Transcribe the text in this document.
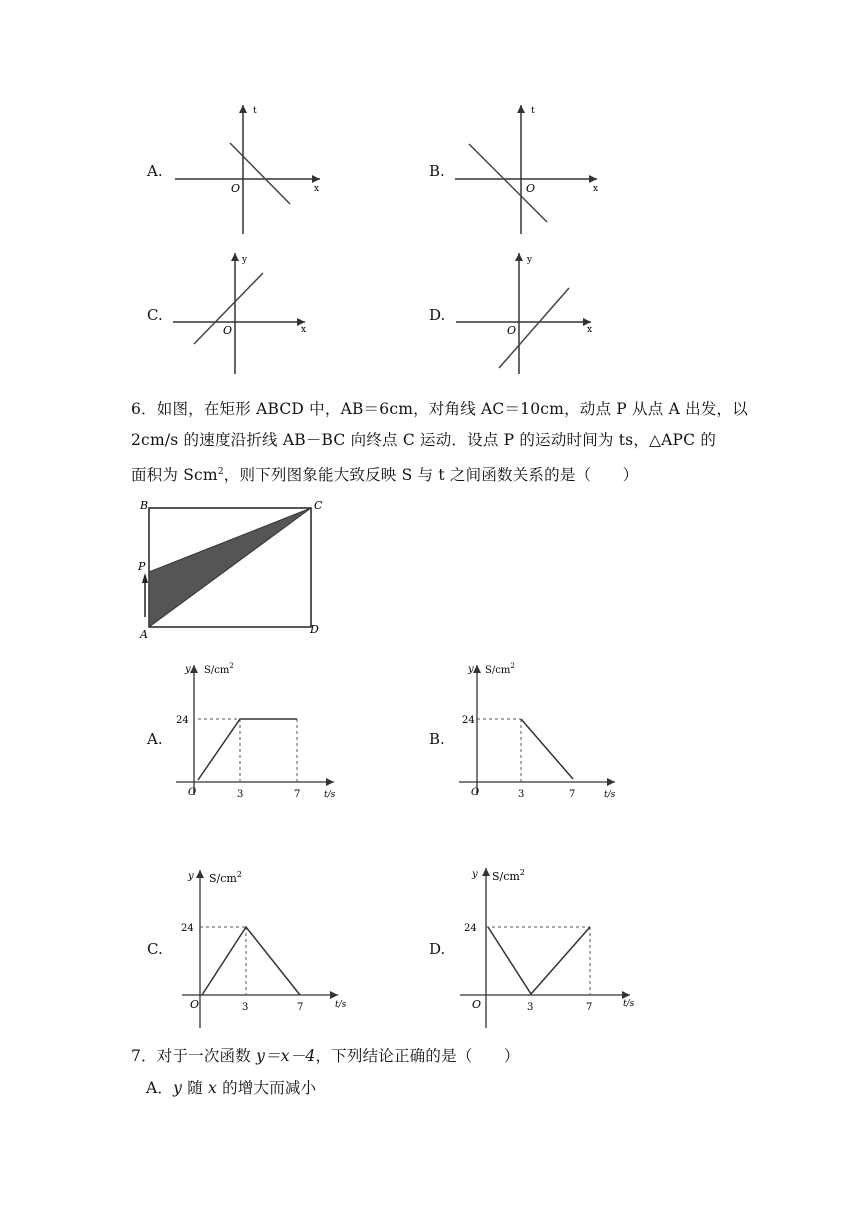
A.
t
x
O
B.
t
x
O
C.
y
x
O
D.
y
x
O
6．如图，在矩形 ABCD 中，AB＝6cm，对角线 AC＝10cm，动点 P 从点 A 出发，以
2cm/s 的速度沿折线 AB－BC 向终点 C 运动．设点 P 的运动时间为 ts，△APC 的
面积为 Scm$^2$，则下列图象能大致反映 S 与 t 之间函数关系的是（　　）
B	C
P
A	D
A.
y $S/cm^2$
24
O	3	7	t/s
B.
y $S/cm^2$
24
O	3	7	t/s
C.
y $S/cm^2$
24
O	3	7	t/s
D.
y $S/cm^2$
24
O	3	7	t/s
7．对于一次函数 y＝x－4，下列结论正确的是（　　）
A．y 随 x 的增大而减小
